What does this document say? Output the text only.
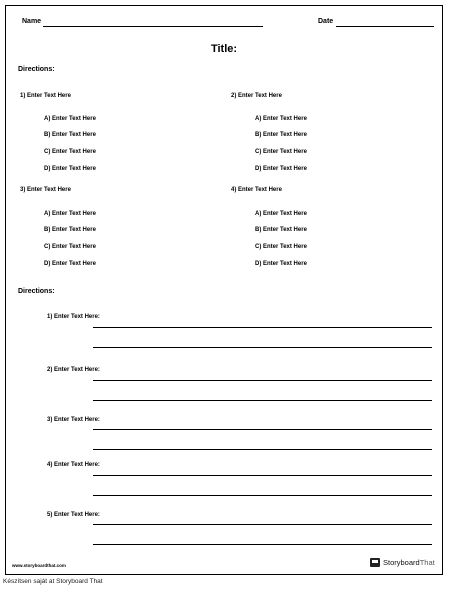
Name	Date
Title:
Directions:
1) Enter Text Here
A) Enter Text Here
B) Enter Text Here
C) Enter Text Here
D) Enter Text Here
2) Enter Text Here
A) Enter Text Here
B) Enter Text Here
C) Enter Text Here
D) Enter Text Here
3) Enter Text Here
A) Enter Text Here
B) Enter Text Here
C) Enter Text Here
D) Enter Text Here
4) Enter Text Here
A) Enter Text Here
B) Enter Text Here
C) Enter Text Here
D) Enter Text Here
Directions:
1) Enter Text Here:
2) Enter Text Here:
3) Enter Text Here:
4) Enter Text Here:
5) Enter Text Here:
www.storyboardthat.com	StoryboardThat
Készítsen saját at Storyboard That
